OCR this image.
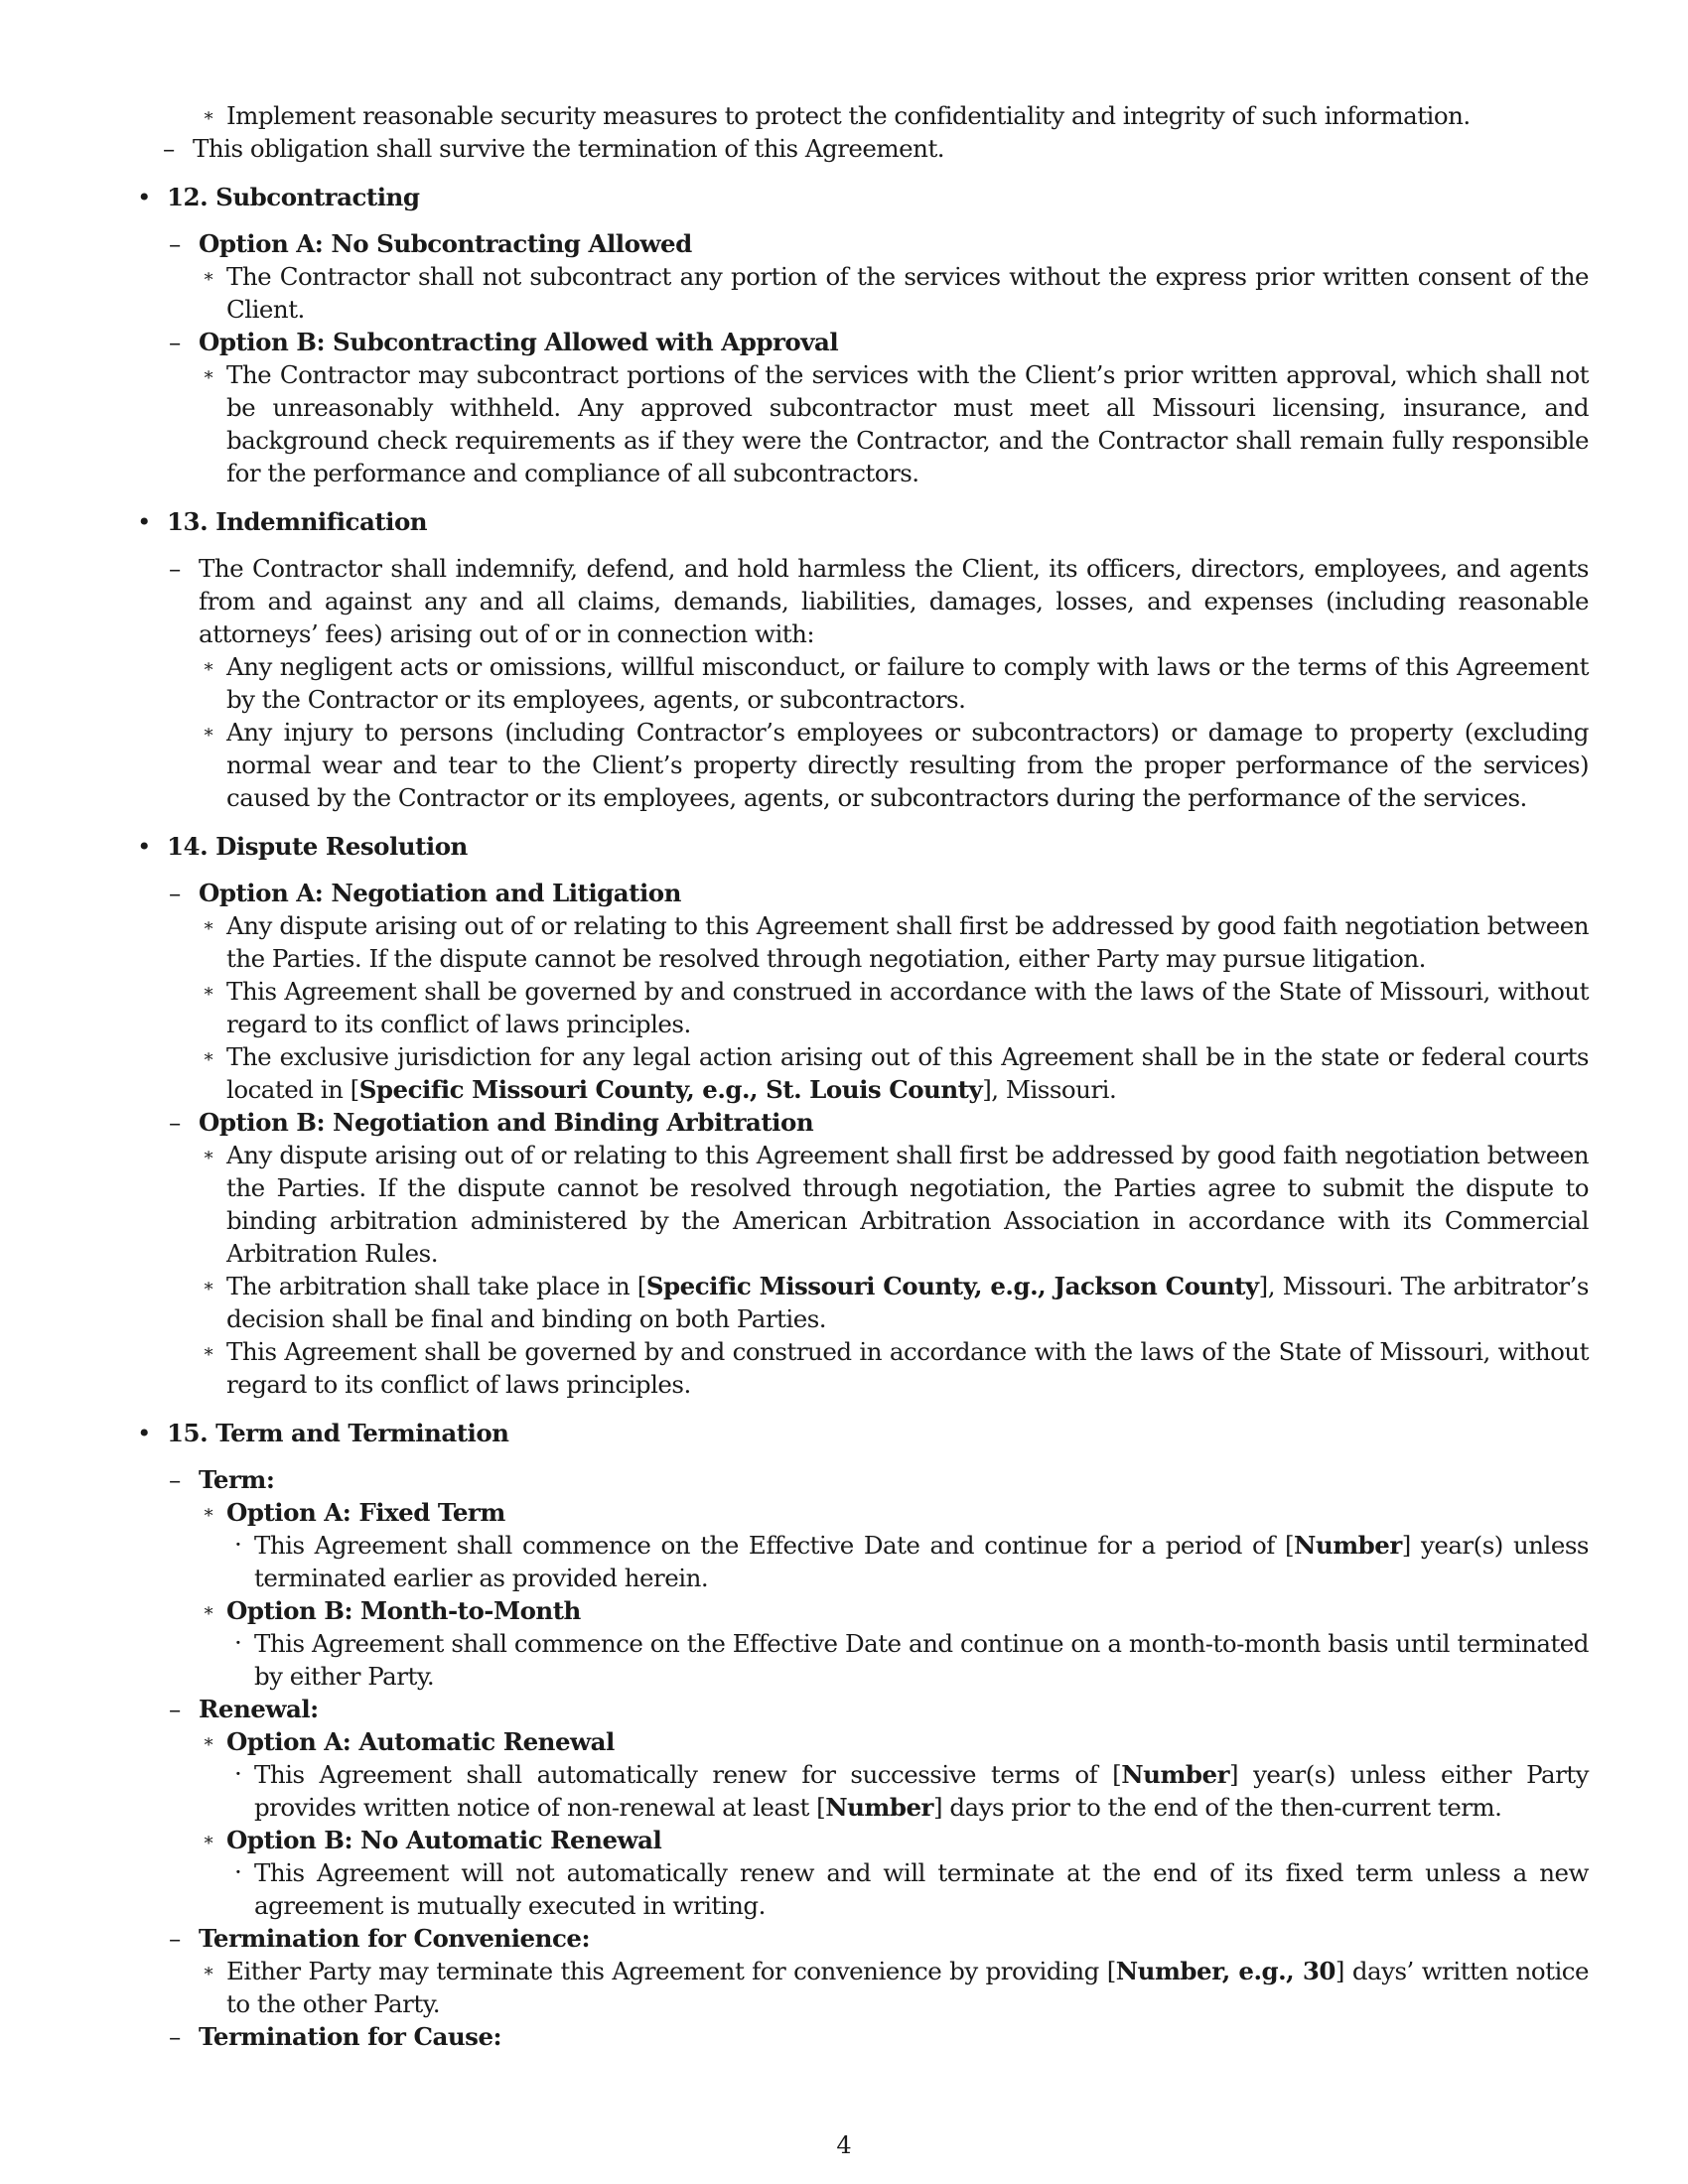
∗ Implement reasonable security measures to protect the confidentiality and integrity of such information.
– This obligation shall survive the termination of this Agreement.
• 12. Subcontracting
– Option A: No Subcontracting Allowed
∗ The Contractor shall not subcontract any portion of the services without the express prior written consent of the Client.
– Option B: Subcontracting Allowed with Approval
∗ The Contractor may subcontract portions of the services with the Client’s prior written approval, which shall not be unreasonably withheld. Any approved subcontractor must meet all Missouri licensing, insurance, and background check requirements as if they were the Contractor, and the Contractor shall remain fully responsible for the performance and compliance of all subcontractors.
• 13. Indemnification
– The Contractor shall indemnify, defend, and hold harmless the Client, its officers, directors, employees, and agents from and against any and all claims, demands, liabilities, damages, losses, and expenses (including reasonable attorneys’ fees) arising out of or in connection with:
∗ Any negligent acts or omissions, willful misconduct, or failure to comply with laws or the terms of this Agreement by the Contractor or its employees, agents, or subcontractors.
∗ Any injury to persons (including Contractor’s employees or subcontractors) or damage to property (excluding normal wear and tear to the Client’s property directly resulting from the proper performance of the services) caused by the Contractor or its employees, agents, or subcontractors during the performance of the services.
• 14. Dispute Resolution
– Option A: Negotiation and Litigation
∗ Any dispute arising out of or relating to this Agreement shall first be addressed by good faith negotiation between the Parties. If the dispute cannot be resolved through negotiation, either Party may pursue litigation.
∗ This Agreement shall be governed by and construed in accordance with the laws of the State of Missouri, without regard to its conflict of laws principles.
∗ The exclusive jurisdiction for any legal action arising out of this Agreement shall be in the state or federal courts located in [Specific Missouri County, e.g., St. Louis County], Missouri.
– Option B: Negotiation and Binding Arbitration
∗ Any dispute arising out of or relating to this Agreement shall first be addressed by good faith negotiation between the Parties. If the dispute cannot be resolved through negotiation, the Parties agree to submit the dispute to binding arbitration administered by the American Arbitration Association in accordance with its Commercial Arbitration Rules.
∗ The arbitration shall take place in [Specific Missouri County, e.g., Jackson County], Missouri. The arbitrator’s decision shall be final and binding on both Parties.
∗ This Agreement shall be governed by and construed in accordance with the laws of the State of Missouri, without regard to its conflict of laws principles.
• 15. Term and Termination
– Term:
∗ Option A: Fixed Term
· This Agreement shall commence on the Effective Date and continue for a period of [Number] year(s) unless terminated earlier as provided herein.
∗ Option B: Month-to-Month
· This Agreement shall commence on the Effective Date and continue on a month-to-month basis until terminated by either Party.
– Renewal:
∗ Option A: Automatic Renewal
· This Agreement shall automatically renew for successive terms of [Number] year(s) unless either Party provides written notice of non-renewal at least [Number] days prior to the end of the then-current term.
∗ Option B: No Automatic Renewal
· This Agreement will not automatically renew and will terminate at the end of its fixed term unless a new agreement is mutually executed in writing.
– Termination for Convenience:
∗ Either Party may terminate this Agreement for convenience by providing [Number, e.g., 30] days’ written notice to the other Party.
– Termination for Cause:
4
